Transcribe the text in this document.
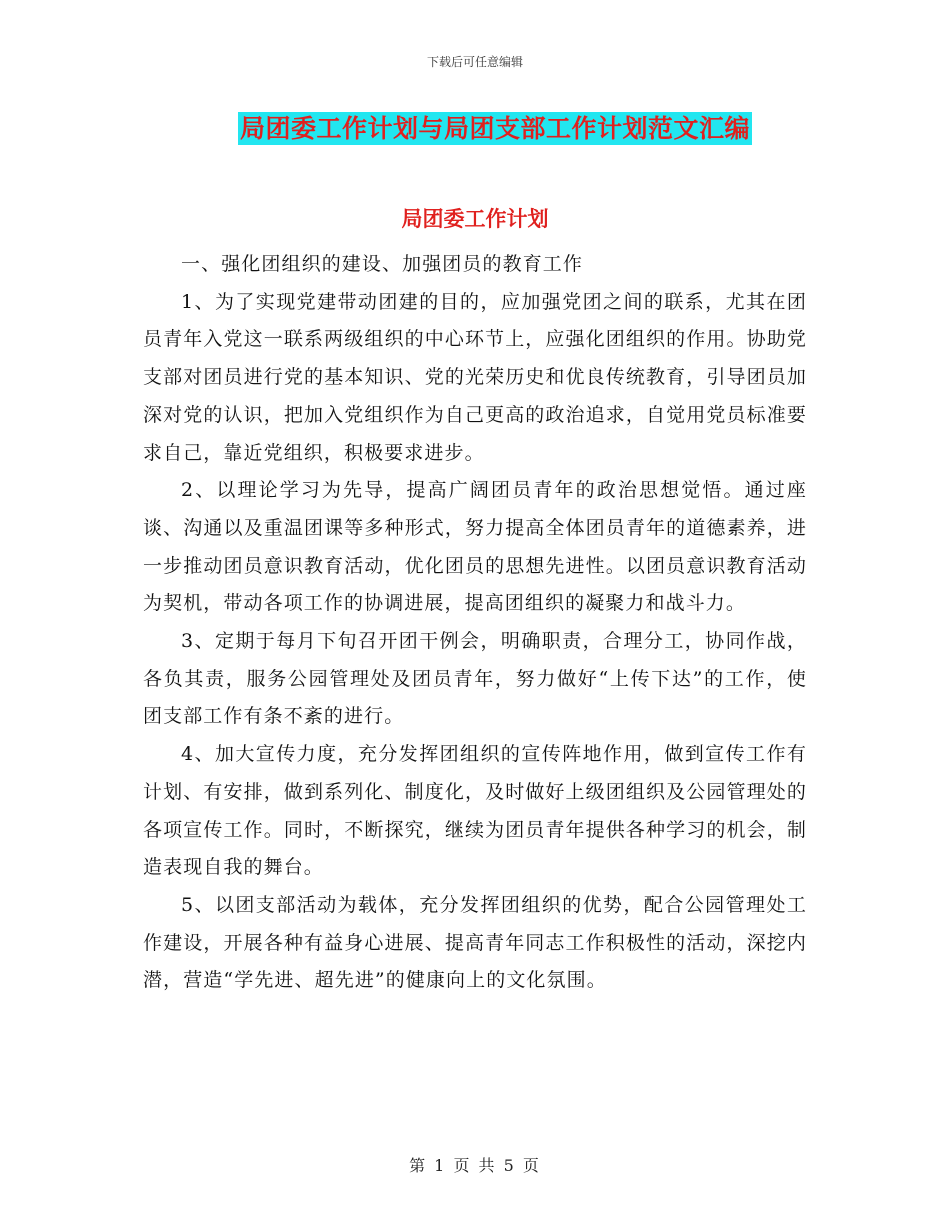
下载后可任意编辑
局团委工作计划与局团支部工作计划范文汇编
局团委工作计划

一、强化团组织的建设、加强团员的教育工作

1、为了实现党建带动团建的目的，应加强党团之间的联系，尤其在团员青年入党这一联系两级组织的中心环节上，应强化团组织的作用。协助党支部对团员进行党的基本知识、党的光荣历史和优良传统教育，引导团员加深对党的认识，把加入党组织作为自己更高的政治追求，自觉用党员标准要求自己，靠近党组织，积极要求进步。

2、以理论学习为先导，提高广阔团员青年的政治思想觉悟。通过座谈、沟通以及重温团课等多种形式，努力提高全体团员青年的道德素养，进一步推动团员意识教育活动，优化团员的思想先进性。以团员意识教育活动为契机，带动各项工作的协调进展，提高团组织的凝聚力和战斗力。

3、定期于每月下旬召开团干例会，明确职责，合理分工，协同作战，各负其责，服务公园管理处及团员青年，努力做好“上传下达”的工作，使团支部工作有条不紊的进行。

4、加大宣传力度，充分发挥团组织的宣传阵地作用，做到宣传工作有计划、有安排，做到系列化、制度化，及时做好上级团组织及公园管理处的各项宣传工作。同时，不断探究，继续为团员青年提供各种学习的机会，制造表现自我的舞台。

5、以团支部活动为载体，充分发挥团组织的优势，配合公园管理处工作建设，开展各种有益身心进展、提高青年同志工作积极性的活动，深挖内潜，营造“学先进、超先进”的健康向上的文化氛围。

第 1 页 共 5 页
